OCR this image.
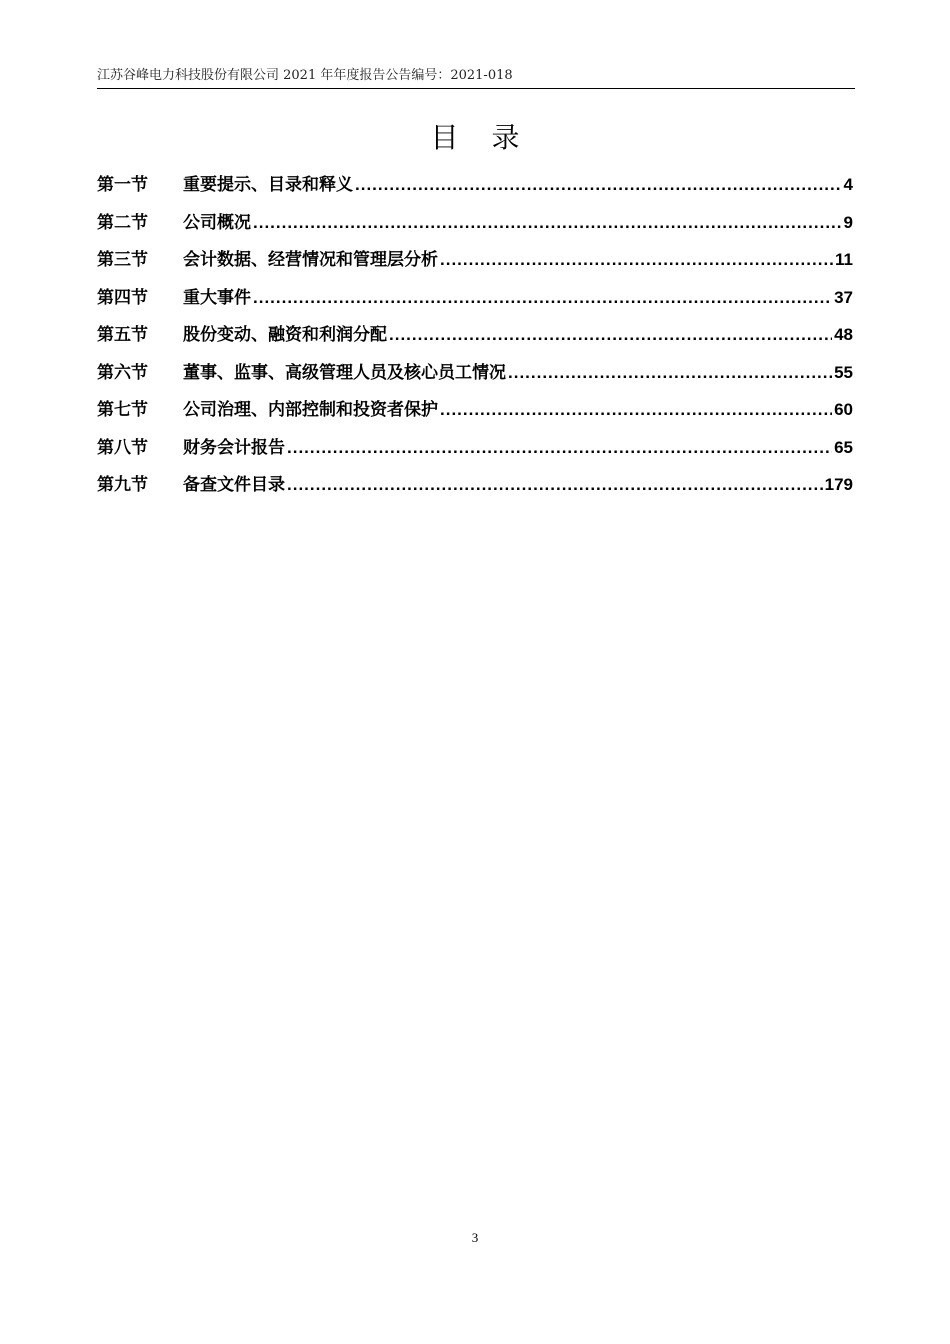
江苏谷峰电力科技股份有限公司 2021 年年度报告公告编号：2021-018
目 录
第一节	重要提示、目录和释义 .....	4
第二节	公司概况 .....	9
第三节	会计数据、经营情况和管理层分析 .....	11
第四节	重大事件 .....	37
第五节	股份变动、融资和利润分配 .....	48
第六节	董事、监事、高级管理人员及核心员工情况 .....	55
第七节	公司治理、内部控制和投资者保护 .....	60
第八节	财务会计报告 .....	65
第九节	备查文件目录 .....	179
3
